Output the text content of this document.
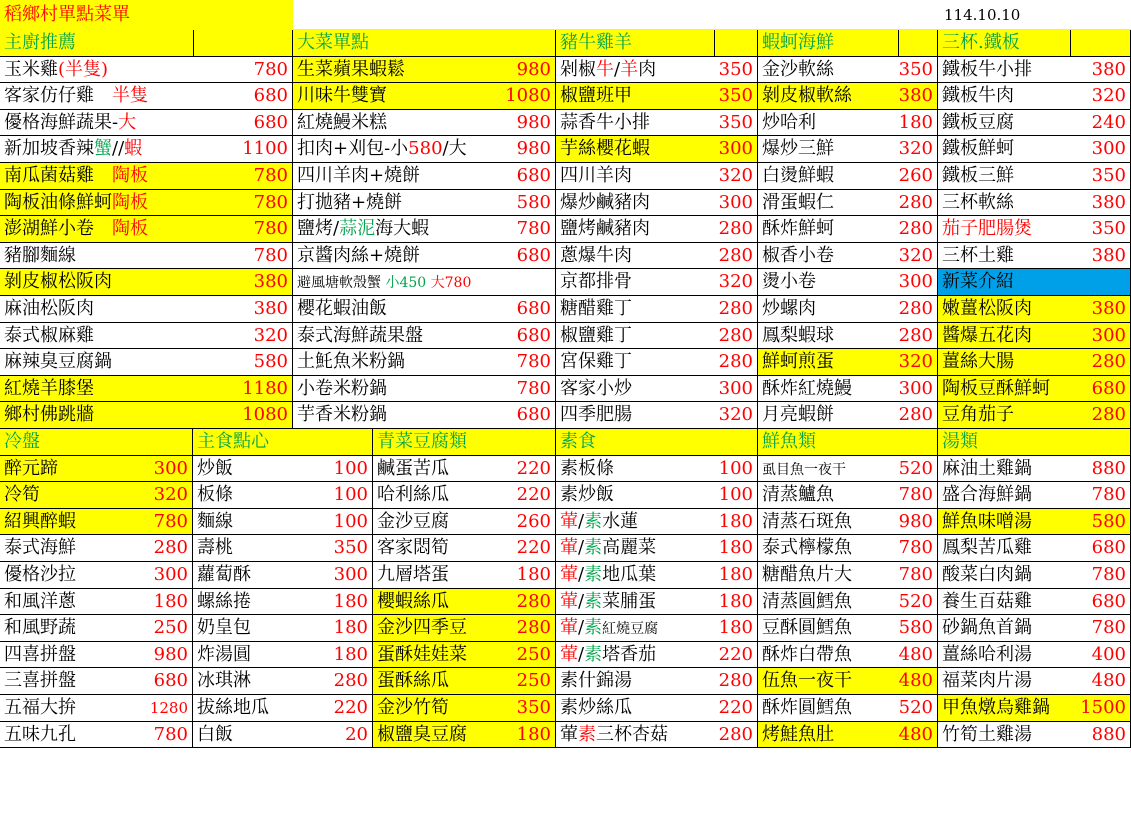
稻鄉村單點菜單	114.10.10
主廚推薦	大菜單點	豬牛雞羊	蝦蚵海鮮	三杯.鐵板
玉米雞(半隻)	780 生菜蘋果蝦鬆	980 剁椒牛/羊肉	350 金沙軟絲	350 鐵板牛小排	380
客家仿仔雞　半隻	680 川味牛雙寶	1080 椒鹽班甲	350 剝皮椒軟絲	380 鐵板牛肉	320
優格海鮮蔬果-大	680 紅燒鰻米糕	980 蒜香牛小排	350 炒哈利	180 鐵板豆腐	240
新加坡香辣蟹//蝦	1100 扣肉+刈包-小580/大	980 芋絲櫻花蝦	300 爆炒三鮮	320 鐵板鮮蚵	300
南瓜菌菇雞　陶板	780 四川羊肉+燒餅	680 四川羊肉	320 白燙鮮蝦	260 鐵板三鮮	350
陶板油條鮮蚵陶板	780 打拋豬+燒餅	580 爆炒鹹豬肉	300 滑蛋蝦仁	280 三杯軟絲	380
澎湖鮮小卷　陶板	780 鹽烤/蒜泥海大蝦	780 鹽烤鹹豬肉	280 酥炸鮮蚵	280 茄子肥腸煲	350
豬腳麵線	780 京醬肉絲+燒餅	680 蔥爆牛肉	280 椒香小卷	320 三杯土雞	380
剝皮椒松阪肉	380 避風塘軟殼蟹 小450 大780	京都排骨	320 燙小卷	300 新菜介紹
麻油松阪肉	380 櫻花蝦油飯	680 糖醋雞丁	280 炒螺肉	280 嫩薑松阪肉	380
泰式椒麻雞	320 泰式海鮮蔬果盤	680 椒鹽雞丁	280 鳳梨蝦球	280 醬爆五花肉	300
麻辣臭豆腐鍋	580 土魠魚米粉鍋	780 宮保雞丁	280 鮮蚵煎蛋	320 薑絲大腸	280
紅燒羊膝堡	1180 小卷米粉鍋	780 客家小炒	300 酥炸紅燒鰻	300 陶板豆酥鮮蚵 680
鄉村佛跳牆	1080 芋香米粉鍋	680 四季肥腸	320 月亮蝦餅	280 豆角茄子	280
冷盤	主食點心	青菜豆腐類	素食	鮮魚類	湯類
醉元蹄	300 炒飯	100 鹹蛋苦瓜	220 素板條	100 虱目魚一夜干	520 麻油土雞鍋	880
冷筍	320 板條	100 哈利絲瓜	220 素炒飯	100 清蒸鱸魚	780 盛合海鮮鍋	780
紹興醉蝦	780 麵線	100 金沙豆腐	260 葷/素水蓮	180 清蒸石斑魚	980 鮮魚味噌湯	580
泰式海鮮	280 壽桃	350 客家悶筍	220 葷/素高麗菜	180 泰式檸檬魚	780 鳳梨苦瓜雞	680
優格沙拉	300 蘿蔔酥	300 九層塔蛋	180 葷/素地瓜葉	180 糖醋魚片大	780 酸菜白肉鍋	780
和風洋蔥	180 螺絲捲	180 櫻蝦絲瓜	280 葷/素菜脯蛋	180 清蒸圓鱈魚	520 養生百菇雞	680
和風野蔬	250 奶皇包	180 金沙四季豆	280 葷/素紅燒豆腐	180 豆酥圓鱈魚	580 砂鍋魚首鍋	780
四喜拼盤	980 炸湯圓	180 蛋酥娃娃菜	250 葷/素塔香茄	220 酥炸白帶魚	480 薑絲哈利湯	400
三喜拼盤	680 冰琪淋	280 蛋酥絲瓜	250 素什錦湯	280 伍魚一夜干	480 福菜肉片湯	480
五福大拚	1280 拔絲地瓜	220 金沙竹筍	350 素炒絲瓜	220 酥炸圓鱈魚	520 甲魚燉烏雞鍋 1500
五味九孔	780 白飯	20 椒鹽臭豆腐	180 葷素三杯杏菇	280 烤鮭魚肚	480 竹筍土雞湯	880
